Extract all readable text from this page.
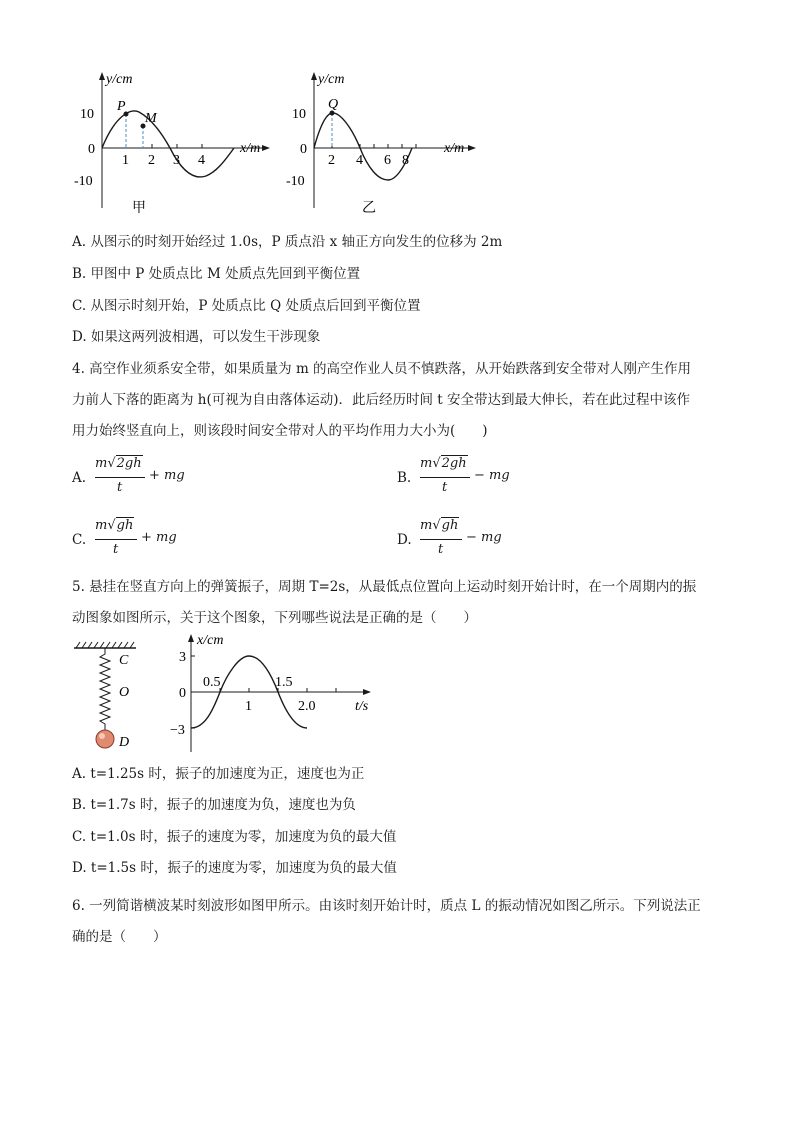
y/cm
x/m
10
0
-10
1 2 3 4
P
M
甲
y/cm
x/m
10
0
-10
2 4 6 8
Q
乙
A. 从图示的时刻开始经过 1.0s，P 质点沿 x 轴正方向发生的位移为 2m
B. 甲图中 P 处质点比 M 处质点先回到平衡位置
C. 从图示时刻开始，P 处质点比 Q 处质点后回到平衡位置
D. 如果这两列波相遇，可以发生干涉现象
4. 高空作业须系安全带，如果质量为 m 的高空作业人员不慎跌落，从开始跌落到安全带对人刚产生作用
力前人下落的距离为 h(可视为自由落体运动)．此后经历时间 t 安全带达到最大伸长，若在此过程中该作
用力始终竖直向上，则该段时间安全带对人的平均作用力大小为(　　)
A.
m√2gh
t
+ mg	B.
m√2gh
t
− mg
C.
m√gh
t
+ mg	D.
m√gh
t
− mg
5. 悬挂在竖直方向上的弹簧振子，周期 T=2s，从最低点位置向上运动时刻开始计时，在一个周期内的振
动图象如图所示，关于这个图象，下列哪些说法是正确的是（　　）
C
O
D
x/cm
t/s
3
0
−3
0.5
1
1.5
2.0
A. t=1.25s 时，振子的加速度为正，速度也为正
B. t=1.7s 时，振子的加速度为负，速度也为负
C. t=1.0s 时，振子的速度为零，加速度为负的最大值
D. t=1.5s 时，振子的速度为零，加速度为负的最大值
6. 一列简谐横波某时刻波形如图甲所示。由该时刻开始计时，质点 L 的振动情况如图乙所示。下列说法正
确的是（　　）
